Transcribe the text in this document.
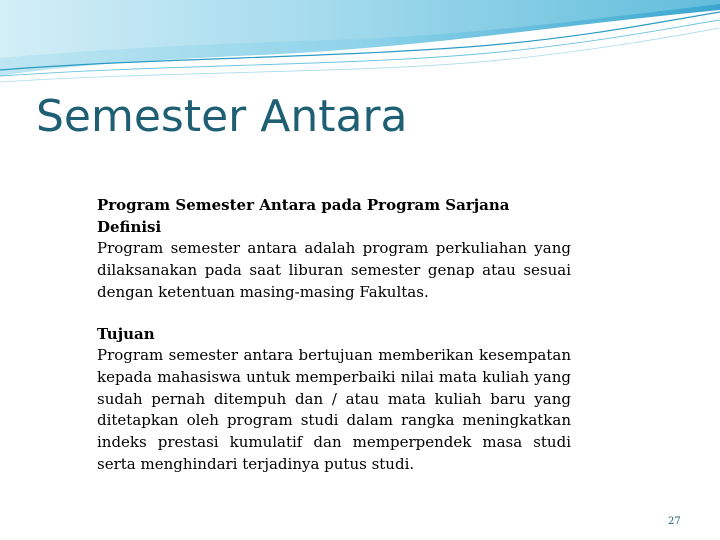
Semester Antara

Program Semester Antara pada Program Sarjana

Definisi

Program semester antara adalah program perkuliahan yang dilaksanakan pada saat liburan semester genap atau sesuai dengan ketentuan masing-masing Fakultas.

Tujuan

Program semester antara bertujuan memberikan kesempatan kepada mahasiswa untuk memperbaiki nilai mata kuliah yang sudah pernah ditempuh dan / atau mata kuliah baru yang ditetapkan oleh program studi dalam rangka meningkatkan indeks prestasi kumulatif dan memperpendek masa studi serta menghindari terjadinya putus studi.

27
